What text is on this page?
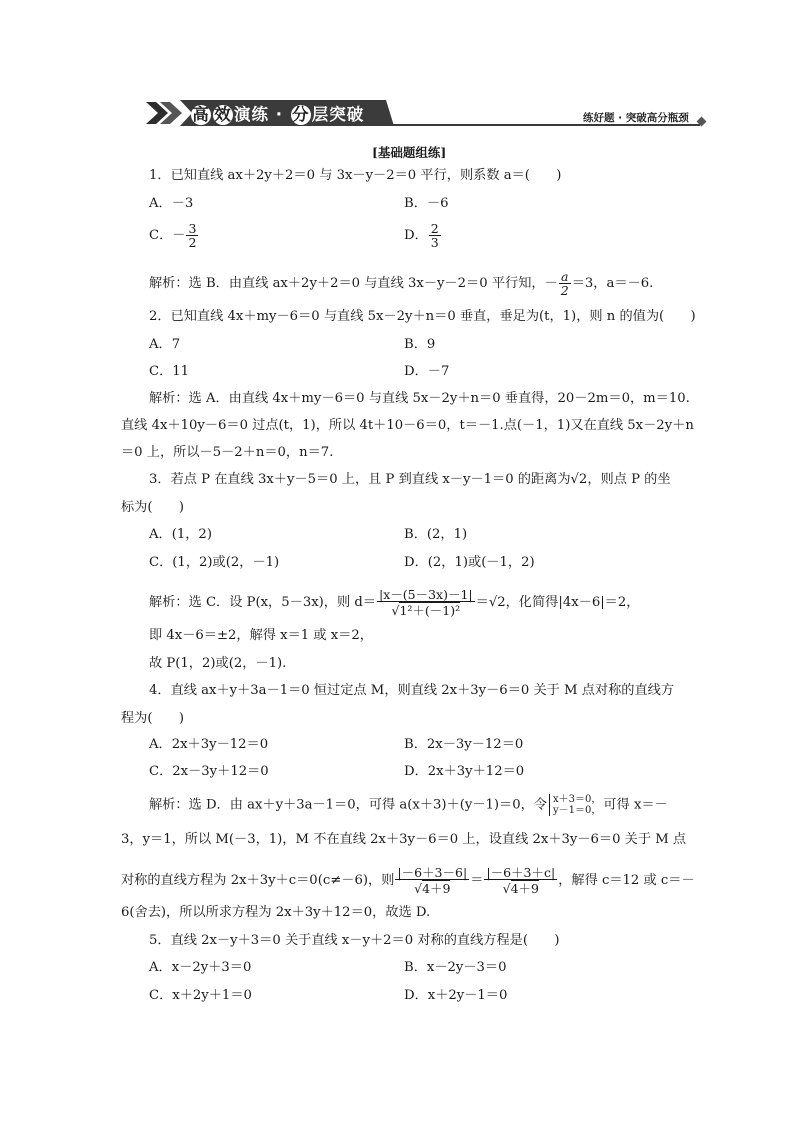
高 效 演练 · 分 层突破	练好题 · 突破高分瓶颈
[基础题组练]
1．已知直线 ax＋2y＋2＝0 与 3x－y－2＝0 平行，则系数 a＝(　　)
A．－3	B．－6
C．－ $\frac{3}{2}$	D． $\frac{2}{3}$
解析：选 B．由直线 ax＋2y＋2＝0 与直线 3x－y－2＝0 平行知，－ $\frac{a}{2} =3$，a＝－6.
2．已知直线 4x＋my－6＝0 与直线 5x－2y＋n＝0 垂直，垂足为(t，1)，则 n 的值为(　　)
A．7	B．9
C．11	D．－7
解析：选 A．由直线 4x＋my－6＝0 与直线 5x－2y＋n＝0 垂直得，20－2m＝0，m＝10.
直线 4x＋10y－6＝0 过点(t，1)，所以 4t＋10－6＝0，t＝－1.点(－1，1)又在直线 5x－2y＋n
＝0 上，所以－5－2＋n＝0，n＝7.
3．若点 P 在直线 3x＋y－5＝0 上，且 P 到直线 x－y－1＝0 的距离为√2，则点 P 的坐
标为(　　)
A．(1，2)	B．(2，1)
C．(1，2)或(2，－1)	D．(2，1)或(－1，2)
解析：选 C．设 P(x，5－3x)，则 $d= \frac{|x-(5-3x)-1|}{\text{√1²＋(－1)²}} =√2$，化简得|4x－6|＝2，
即 4x－6＝±2，解得 x＝1 或 x＝2，
故 P(1，2)或(2，－1).
4．直线 ax＋y＋3a－1＝0 恒过定点 M，则直线 2x＋3y－6＝0 关于 M 点对称的直线方
程为(　　)
A．2x＋3y－12＝0	B．2x－3y－12＝0
C．2x－3y＋12＝0	D．2x＋3y＋12＝0
解析：选 D．由 ax＋y＋3a－1＝0，可得 a(x＋3)＋(y－1)＝0，令 x＋3＝0，
y－1＝0， 可得 x＝－
3，y＝1，所以 M(－3，1)，M 不在直线 2x＋3y－6＝0 上，设直线 2x＋3y－6＝0 关于 M 点
对称的直线方程为 2x＋3y＋c＝0(c≠－6)，则 $\frac{|-6+3-6|}{√4+9} = \frac{|-6+3+c|}{√4+9}$ ，解得 c＝12 或 c＝－
6(舍去)，所以所求方程为 2x＋3y＋12＝0，故选 D.
5．直线 2x－y＋3＝0 关于直线 x－y＋2＝0 对称的直线方程是(　　)
A．x－2y＋3＝0	B．x－2y－3＝0
C．x＋2y＋1＝0	D．x＋2y－1＝0
